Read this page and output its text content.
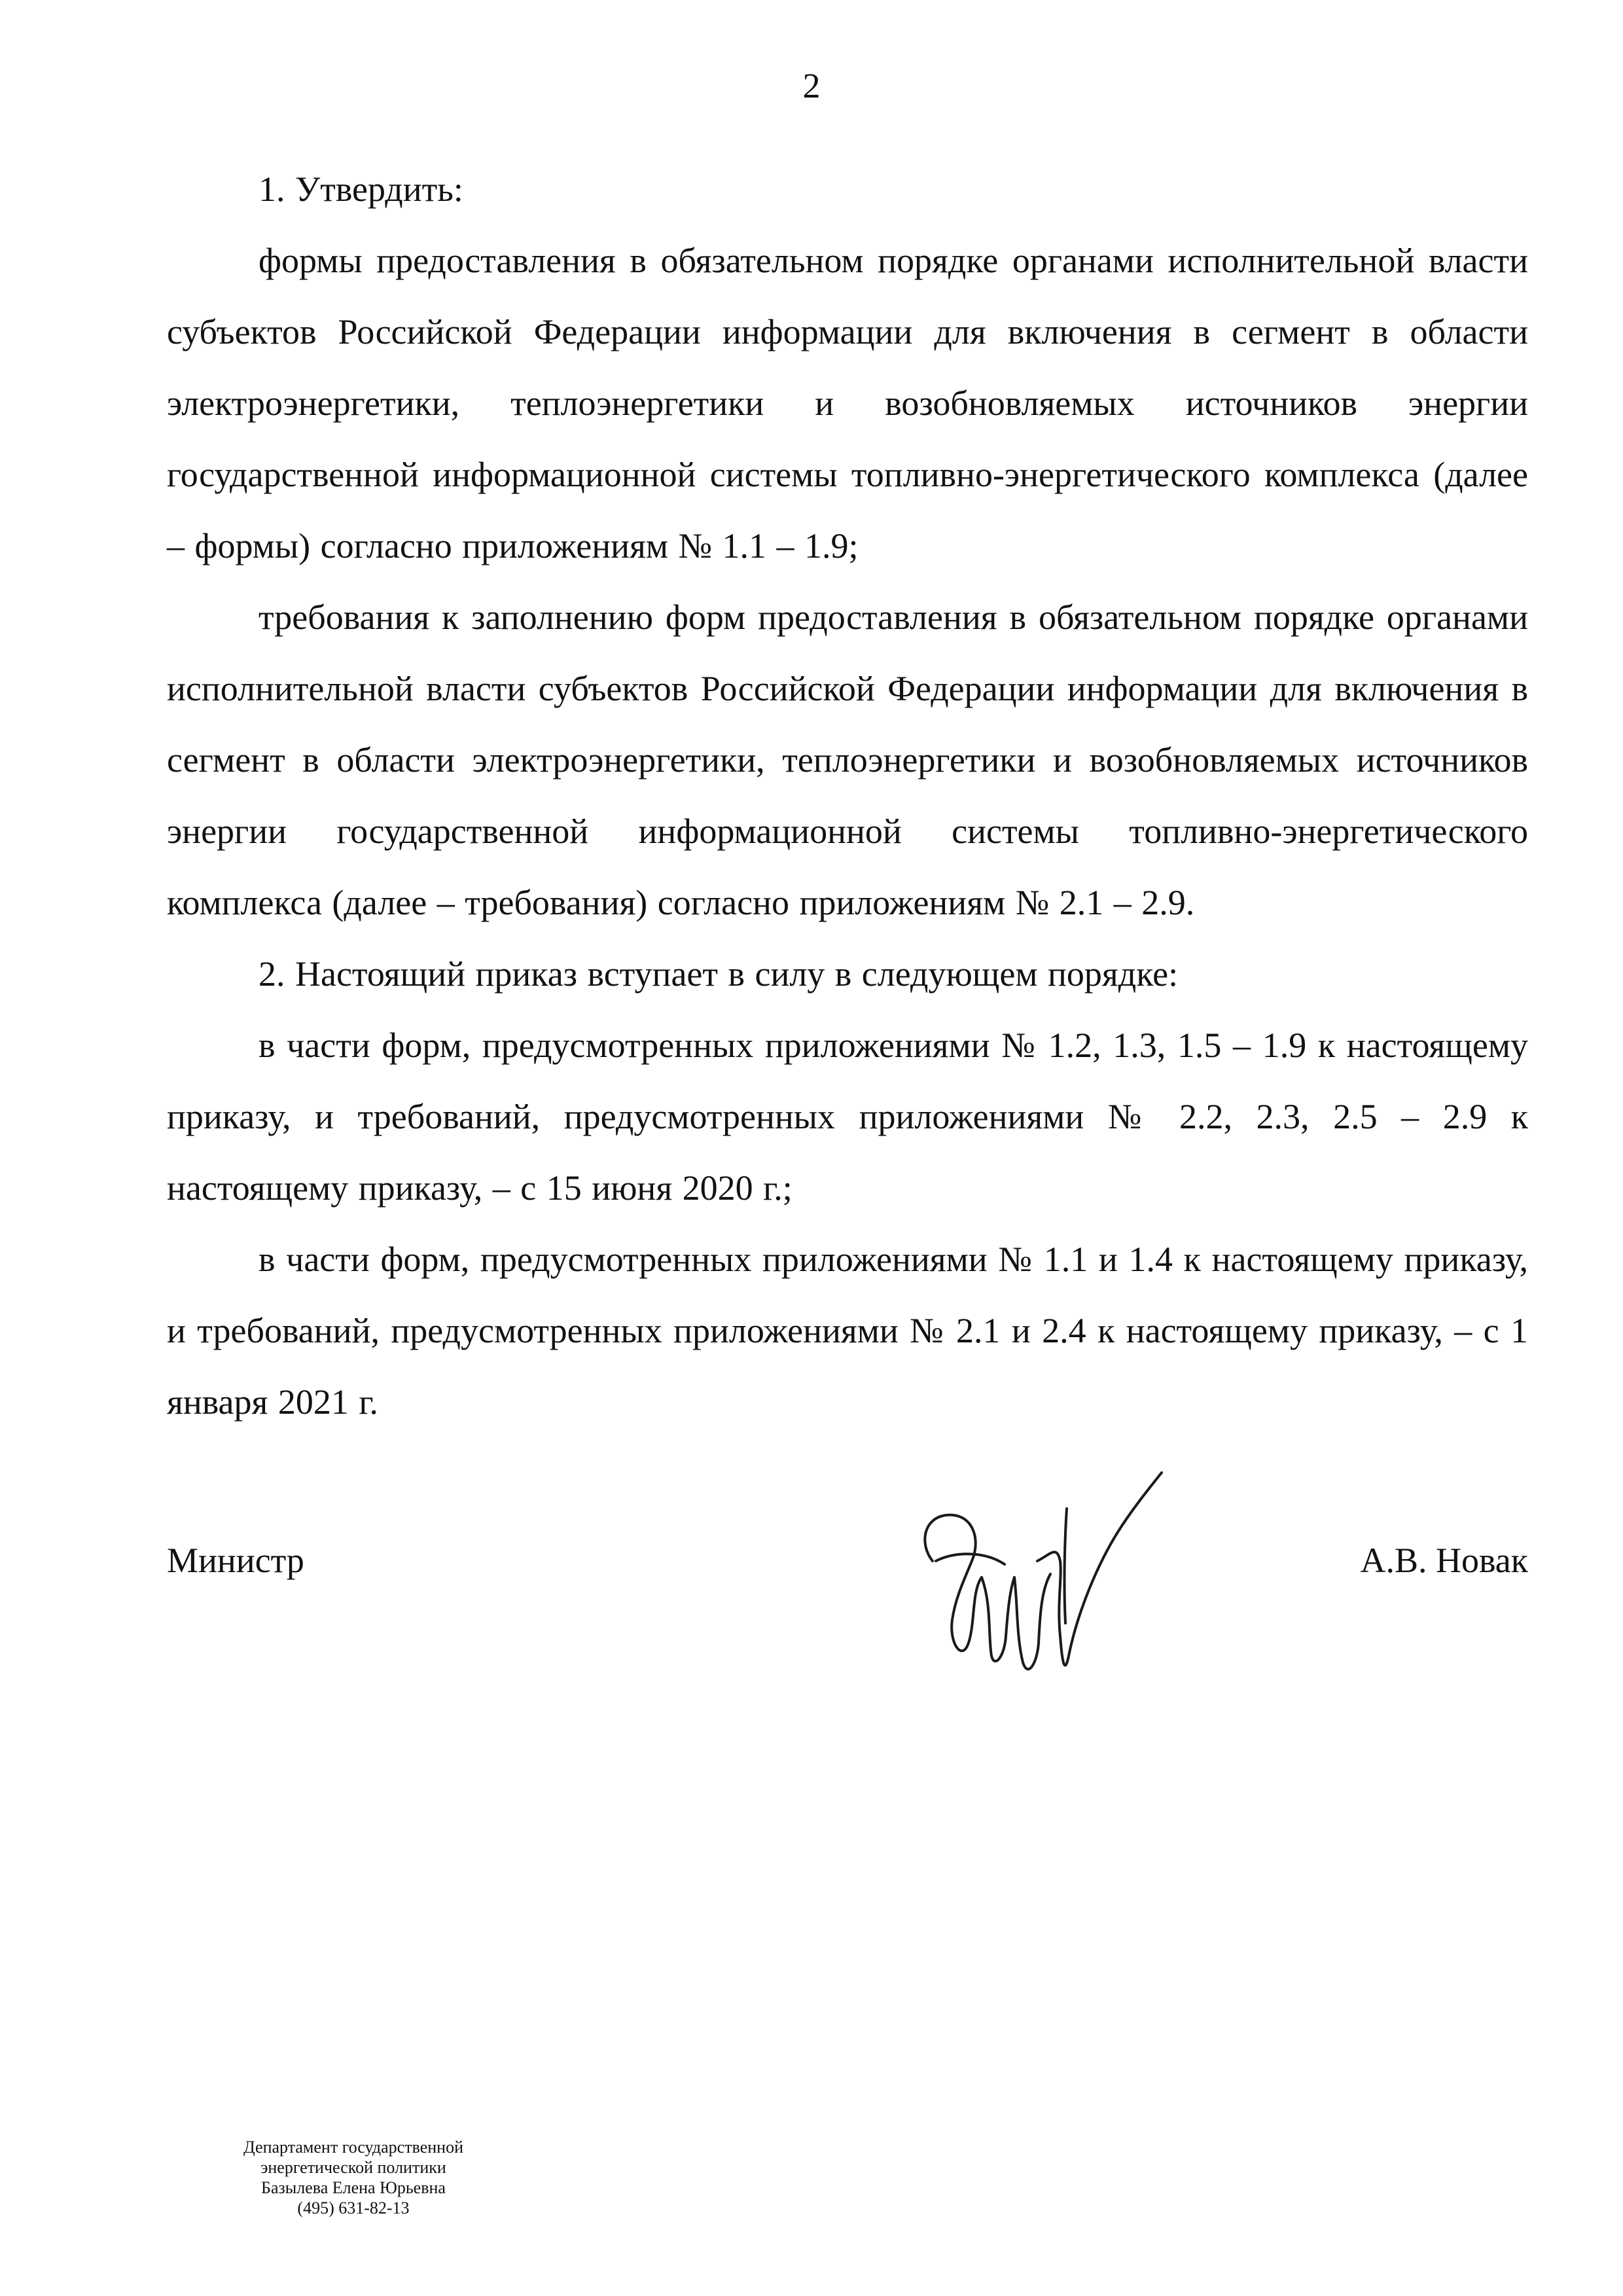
2

1. Утвердить:

формы предоставления в обязательном порядке органами исполнительной власти субъектов Российской Федерации информации для включения в сегмент в области электроэнергетики, теплоэнергетики и возобновляемых источников энергии государственной информационной системы топливно-энергетического комплекса (далее – формы) согласно приложениям № 1.1 – 1.9;

требования к заполнению форм предоставления в обязательном порядке органами исполнительной власти субъектов Российской Федерации информации для включения в сегмент в области электроэнергетики, теплоэнергетики и возобновляемых источников энергии государственной информационной системы топливно-энергетического комплекса (далее – требования) согласно приложениям № 2.1 – 2.9.

2. Настоящий приказ вступает в силу в следующем порядке:

в части форм, предусмотренных приложениями № 1.2, 1.3, 1.5 – 1.9 к настоящему приказу, и требований, предусмотренных приложениями № 2.2, 2.3, 2.5 – 2.9 к настоящему приказу, – с 15 июня 2020 г.;

в части форм, предусмотренных приложениями № 1.1 и 1.4 к настоящему приказу, и требований, предусмотренных приложениями № 2.1 и 2.4 к настоящему приказу, – с 1 января 2021 г.

Министр	А.В. Новак
Департамент государственной
энергетической политики
Базылева Елена Юрьевна
(495) 631-82-13
